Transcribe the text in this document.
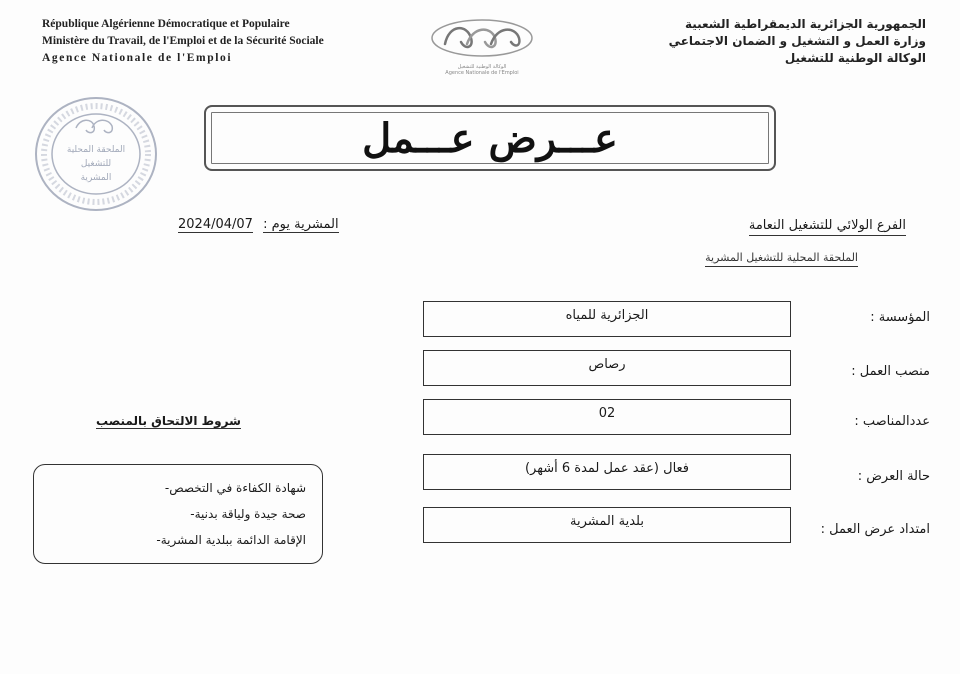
République Algérienne Démocratique et Populaire
Ministère du Travail, de l'Emploi et de la Sécurité Sociale
Agence Nationale de l'Emploi
الوكالة الوطنية للتشغيل
Agence Nationale de l'Emploi
الجمهورية الجزائرية الديمقراطية الشعبية
وزارة العمل و التشغيل و الضمان الاجتماعي
الوكالة الوطنية للتشغيل
الملحقة المحلية
للتشغيل
المشرية
عـــرض عـــمل
الفرع الولائي للتشغيل النعامة
الملحقة المحلية للتشغيل المشرية
2024/04/07 المشرية يوم :
المؤسسة :
الجزائرية للمياه
منصب العمل :
رصاص
عددالمناصب :
02
حالة العرض :
فعال (عقد عمل لمدة 6 أشهر)
امتداد عرض العمل :
بلدية المشرية
شروط الالتحاق بالمنصب
شهادة الكفاءة في التخصص-
صحة جيدة ولياقة بدنية-
الإقامة الدائمة ببلدية المشرية-
